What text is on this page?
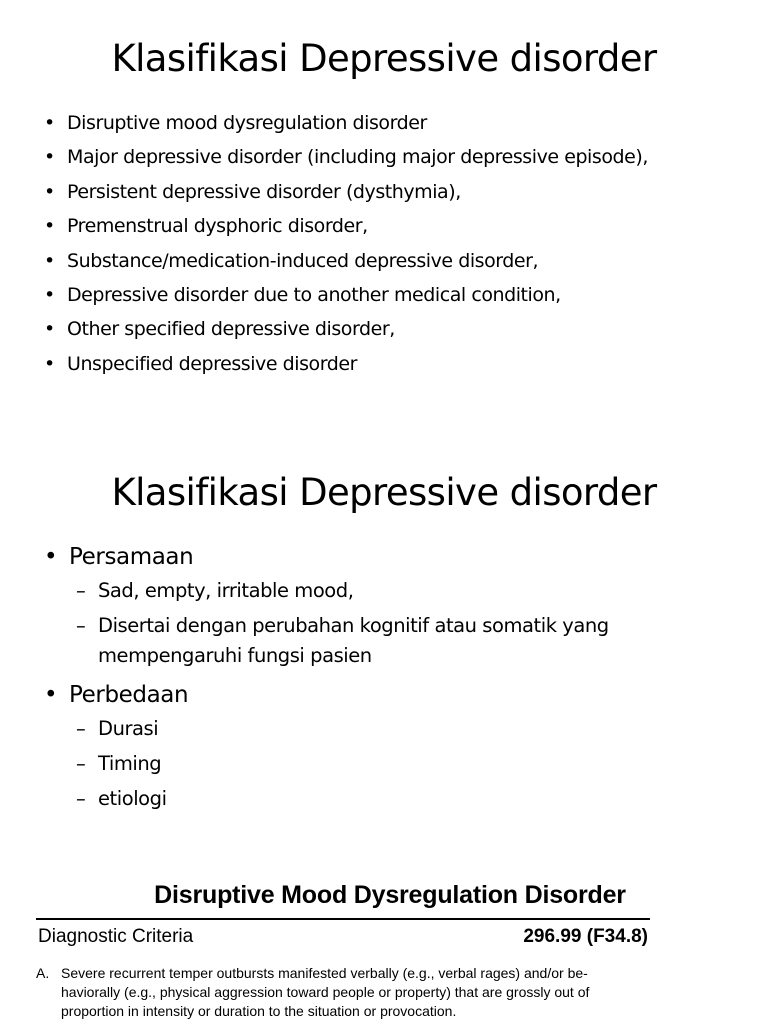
Klasifikasi Depressive disorder
• Disruptive mood dysregulation disorder
• Major depressive disorder (including major depressive episode),
• Persistent depressive disorder (dysthymia),
• Premenstrual dysphoric disorder,
• Substance/medication-induced depressive disorder,
• Depressive disorder due to another medical condition,
• Other specified depressive disorder,
• Unspecified depressive disorder
Klasifikasi Depressive disorder
• Persamaan
– Sad, empty, irritable mood,
– Disertai dengan perubahan kognitif atau somatik yang
mempengaruhi fungsi pasien
• Perbedaan
– Durasi
– Timing
– etiologi
Disruptive Mood Dysregulation Disorder
Diagnostic Criteria	296.99 (F34.8)
A. Severe recurrent temper outbursts manifested verbally (e.g., verbal rages) and/or be-
haviorally (e.g., physical aggression toward people or property) that are grossly out of
proportion in intensity or duration to the situation or provocation.
